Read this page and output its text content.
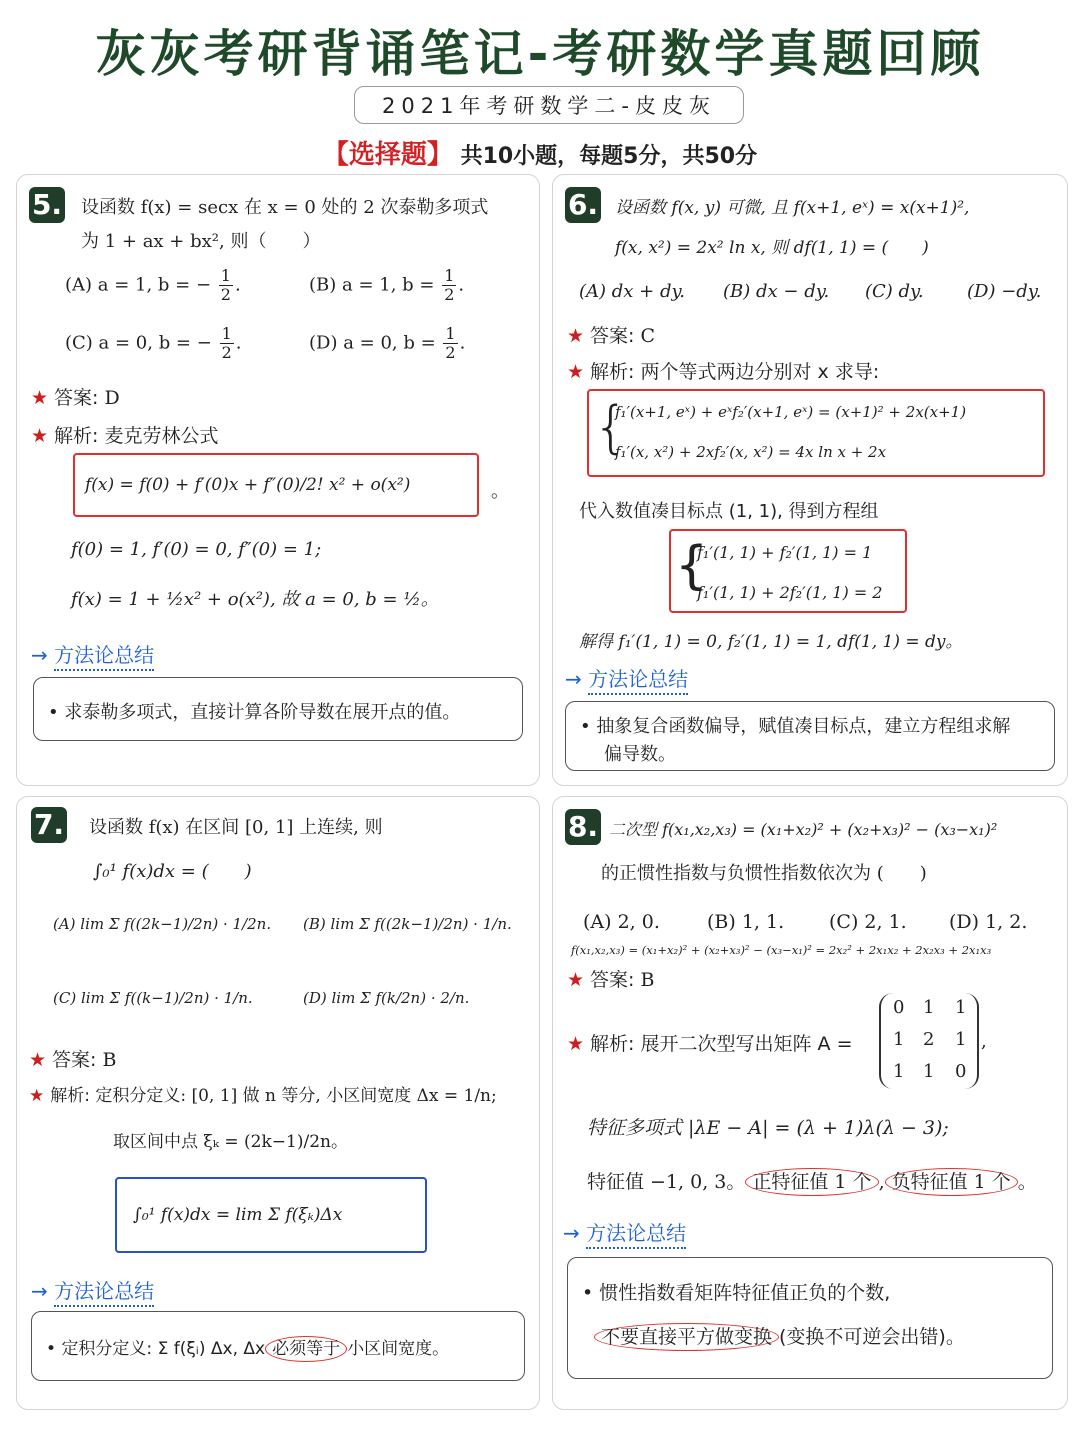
灰灰考研背诵笔记-考研数学真题回顾
2021年考研数学二-皮皮灰
【选择题】 共10小题，每题5分，共50分
5. 设函数 f(x) = secx 在 x = 0 处的 2 次泰勒多项式
为 1 + ax + bx², 则（　　）
(A) a = 1, b = − $\frac{1}{2}$ .	(B) a = 1, $b = \frac{1}{2}$ .
(C) a = 0, b = − $\frac{1}{2}$ .	(D) a = 0, $b = \frac{1}{2}$ .
★ 答案: D
★ 解析: 麦克劳林公式
f(x) = f(0) + f′(0)x + f″(0)/2! x² + o(x²)	。
f(0) = 1, f′(0) = 0, f″(0) = 1;
f(x) = 1 + ½x² + o(x²), 故 a = 0, b = ½。
→ 方法论总结
• 求泰勒多项式，直接计算各阶导数在展开点的值。
6. 设函数 f(x, y) 可微, 且 f(x+1, eˣ) = x(x+1)²,
f(x, x²) = 2x² ln x, 则 df(1, 1) = (　　)
(A) dx + dy. (B) dx − dy. (C) dy. (D) −dy.
★ 答案: C
★ 解析: 两个等式两边分别对 x 求导:
{
f₁′(x+1, eˣ) + eˣf₂′(x+1, eˣ) = (x+1)² + 2x(x+1)
f₁′(x, x²) + 2xf₂′(x, x²) = 4x ln x + 2x
代入数值凑目标点 (1, 1), 得到方程组
{
f₁′(1, 1) + f₂′(1, 1) = 1
f₁′(1, 1) + 2f₂′(1, 1) = 2
解得 f₁′(1, 1) = 0, f₂′(1, 1) = 1, df(1, 1) = dy。
→ 方法论总结
• 抽象复合函数偏导，赋值凑目标点，建立方程组求解
偏导数。
7. 设函数 f(x) 在区间 [0, 1] 上连续, 则
∫₀¹ f(x)dx = (　　)
(A) lim Σ f((2k−1)/2n) · 1/2n. (B) lim Σ f((2k−1)/2n) · 1/n.
(C) lim Σ f((k−1)/2n) · 1/n.	(D) lim Σ f(k/2n) · 2/n.
★ 答案: B
★ 解析: 定积分定义: [0, 1] 做 n 等分, 小区间宽度 Δx = 1/n;
取区间中点 ξₖ = (2k−1)/2n。
∫₀¹ f(x)dx = lim Σ f(ξₖ)Δx
→ 方法论总结
• 定积分定义: Σ f(ξᵢ) Δx, Δx 必须等于 小区间宽度。
8. 二次型 f(x₁,x₂,x₃) = (x₁+x₂)² + (x₂+x₃)² − (x₃−x₁)²
的正惯性指数与负惯性指数依次为 (　　)
(A) 2, 0. (B) 1, 1. (C) 2, 1. (D) 1, 2.
f(x₁,x₂,x₃) = (x₁+x₂)² + (x₂+x₃)² − (x₃−x₁)² = 2x₂² + 2x₁x₂ + 2x₂x₃ + 2x₁x₃
★ 答案: B
★ 解析: 展开二次型写出矩阵 A =
0 1 1
1 2 1
1 1 0
,
特征多项式 |λE − A| = (λ + 1)λ(λ − 3);
特征值 −1, 0, 3。 正特征值 1 个 , 负特征值 1 个 。
→ 方法论总结
• 惯性指数看矩阵特征值正负的个数,
不要直接平方做变换 (变换不可逆会出错)。
